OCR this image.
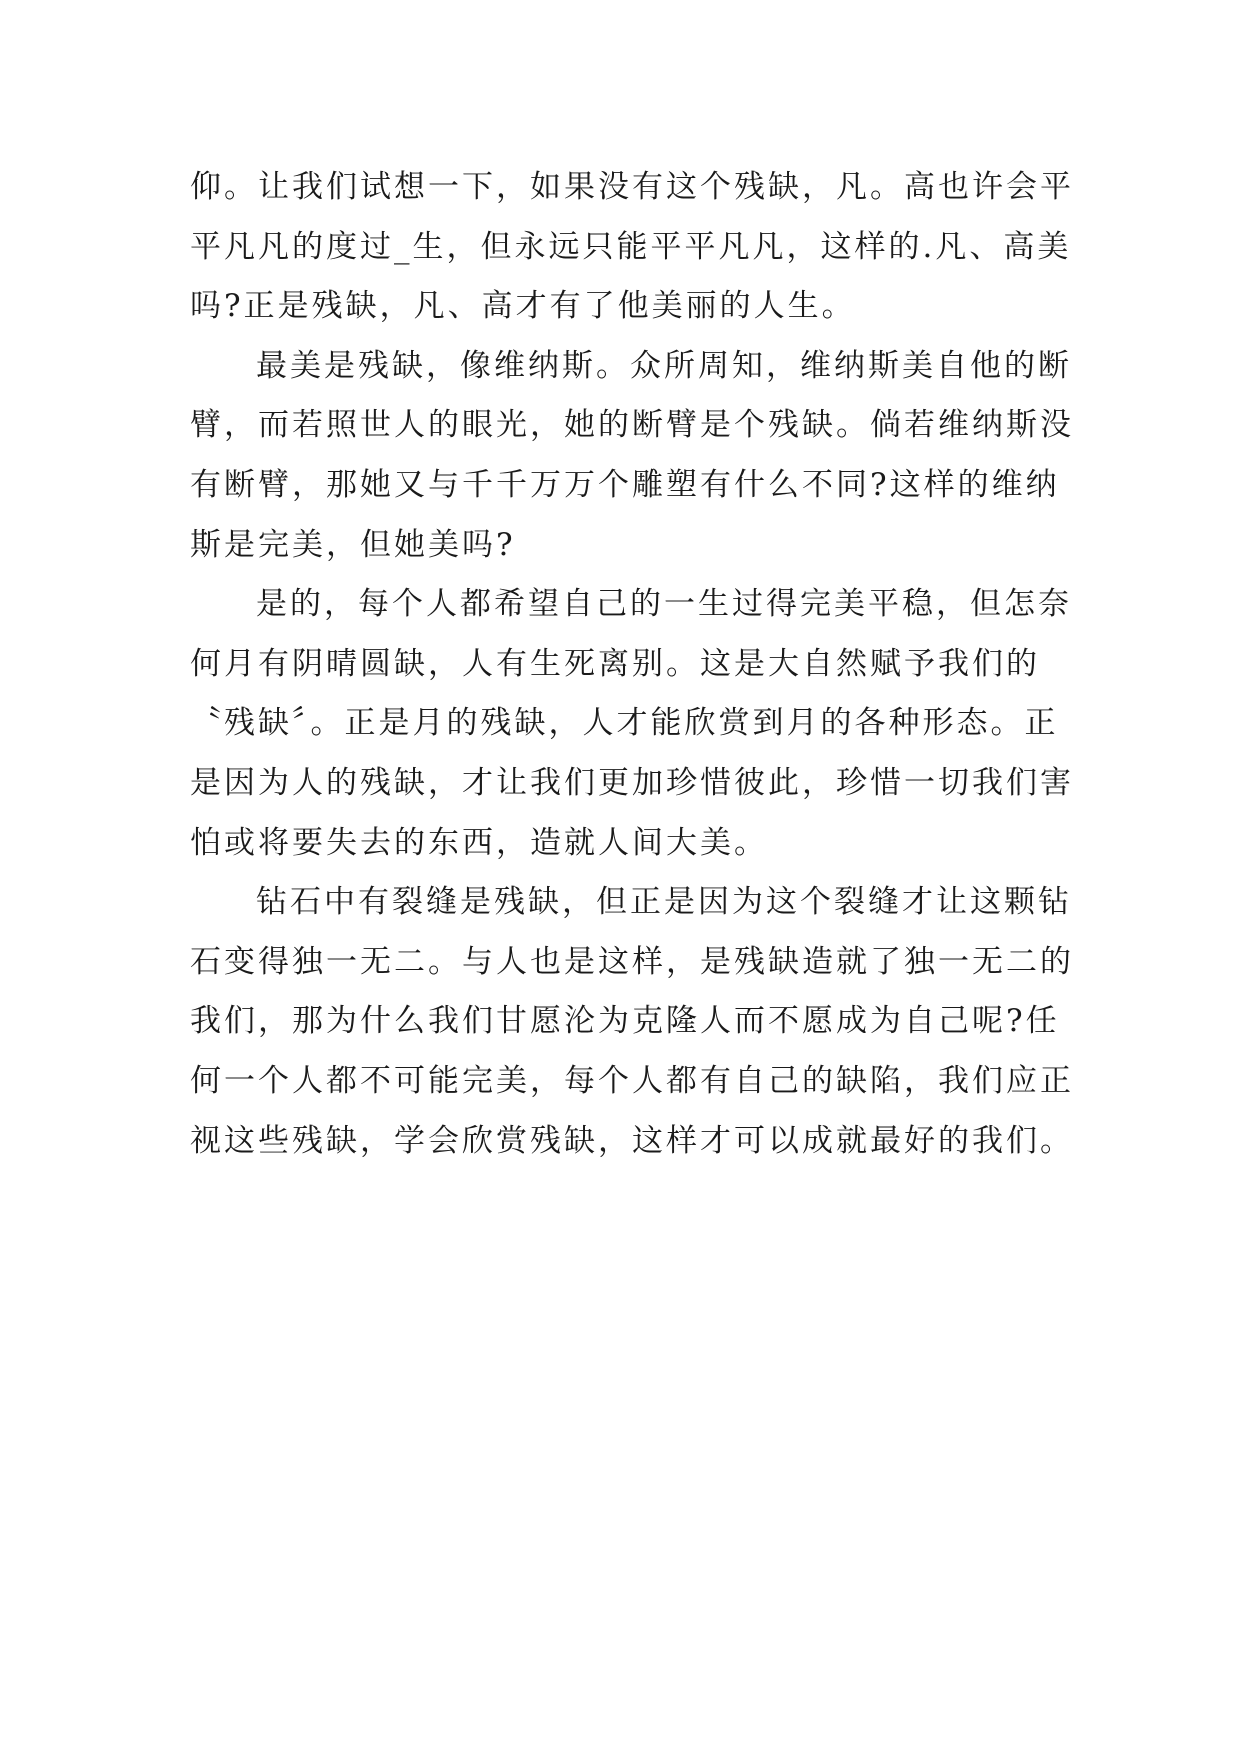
仰。让我们试想一下，如果没有这个残缺，凡。高也许会平
平凡凡的度过_生，但永远只能平平凡凡，这样的.凡、高美
吗?正是残缺，凡、高才有了他美丽的人生。
最美是残缺，像维纳斯。众所周知，维纳斯美自他的断
臂，而若照世人的眼光，她的断臂是个残缺。倘若维纳斯没
有断臂，那她又与千千万万个雕塑有什么不同?这样的维纳
斯是完美，但她美吗?
是的，每个人都希望自己的一生过得完美平稳，但怎奈
何月有阴晴圆缺，人有生死离别。这是大自然赋予我们的
〝残缺〞。正是月的残缺，人才能欣赏到月的各种形态。正
是因为人的残缺，才让我们更加珍惜彼此，珍惜一切我们害
怕或将要失去的东西，造就人间大美。
钻石中有裂缝是残缺，但正是因为这个裂缝才让这颗钻
石变得独一无二。与人也是这样，是残缺造就了独一无二的
我们，那为什么我们甘愿沦为克隆人而不愿成为自己呢?任
何一个人都不可能完美，每个人都有自己的缺陷，我们应正
视这些残缺，学会欣赏残缺，这样才可以成就最好的我们。
